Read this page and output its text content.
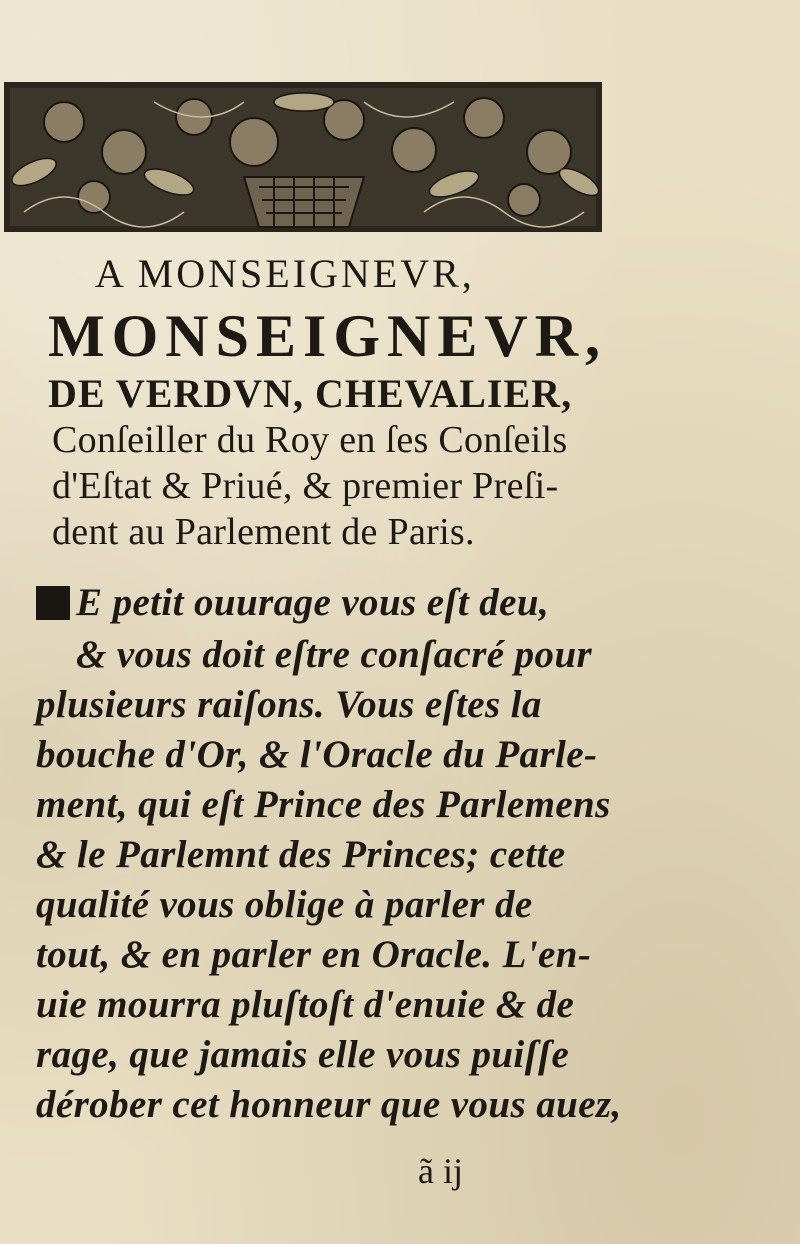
A MONSEIGNEVR,
MONSEIGNEVR,
DE VERDVN, CHEVALIER,
Conſeiller du Roy en ſes Conſeils
d'Eſtat & Priué, & premier Preſi-
dent au Parlement de Paris.
E petit ouurage vous eſt deu,
& vous doit eſtre conſacré pour
plusieurs raiſons. Vous eſtes la
bouche d'Or, & l'Oracle du Parle-
ment, qui eſt Prince des Parlemens
& le Parlemnt des Princes; cette
qualité vous oblige à parler de
tout, & en parler en Oracle. L'en-
uie mourra pluſtoſt d'enuie & de
rage, que jamais elle vous puiſſe
dérober cet honneur que vous auez,
ã ij
